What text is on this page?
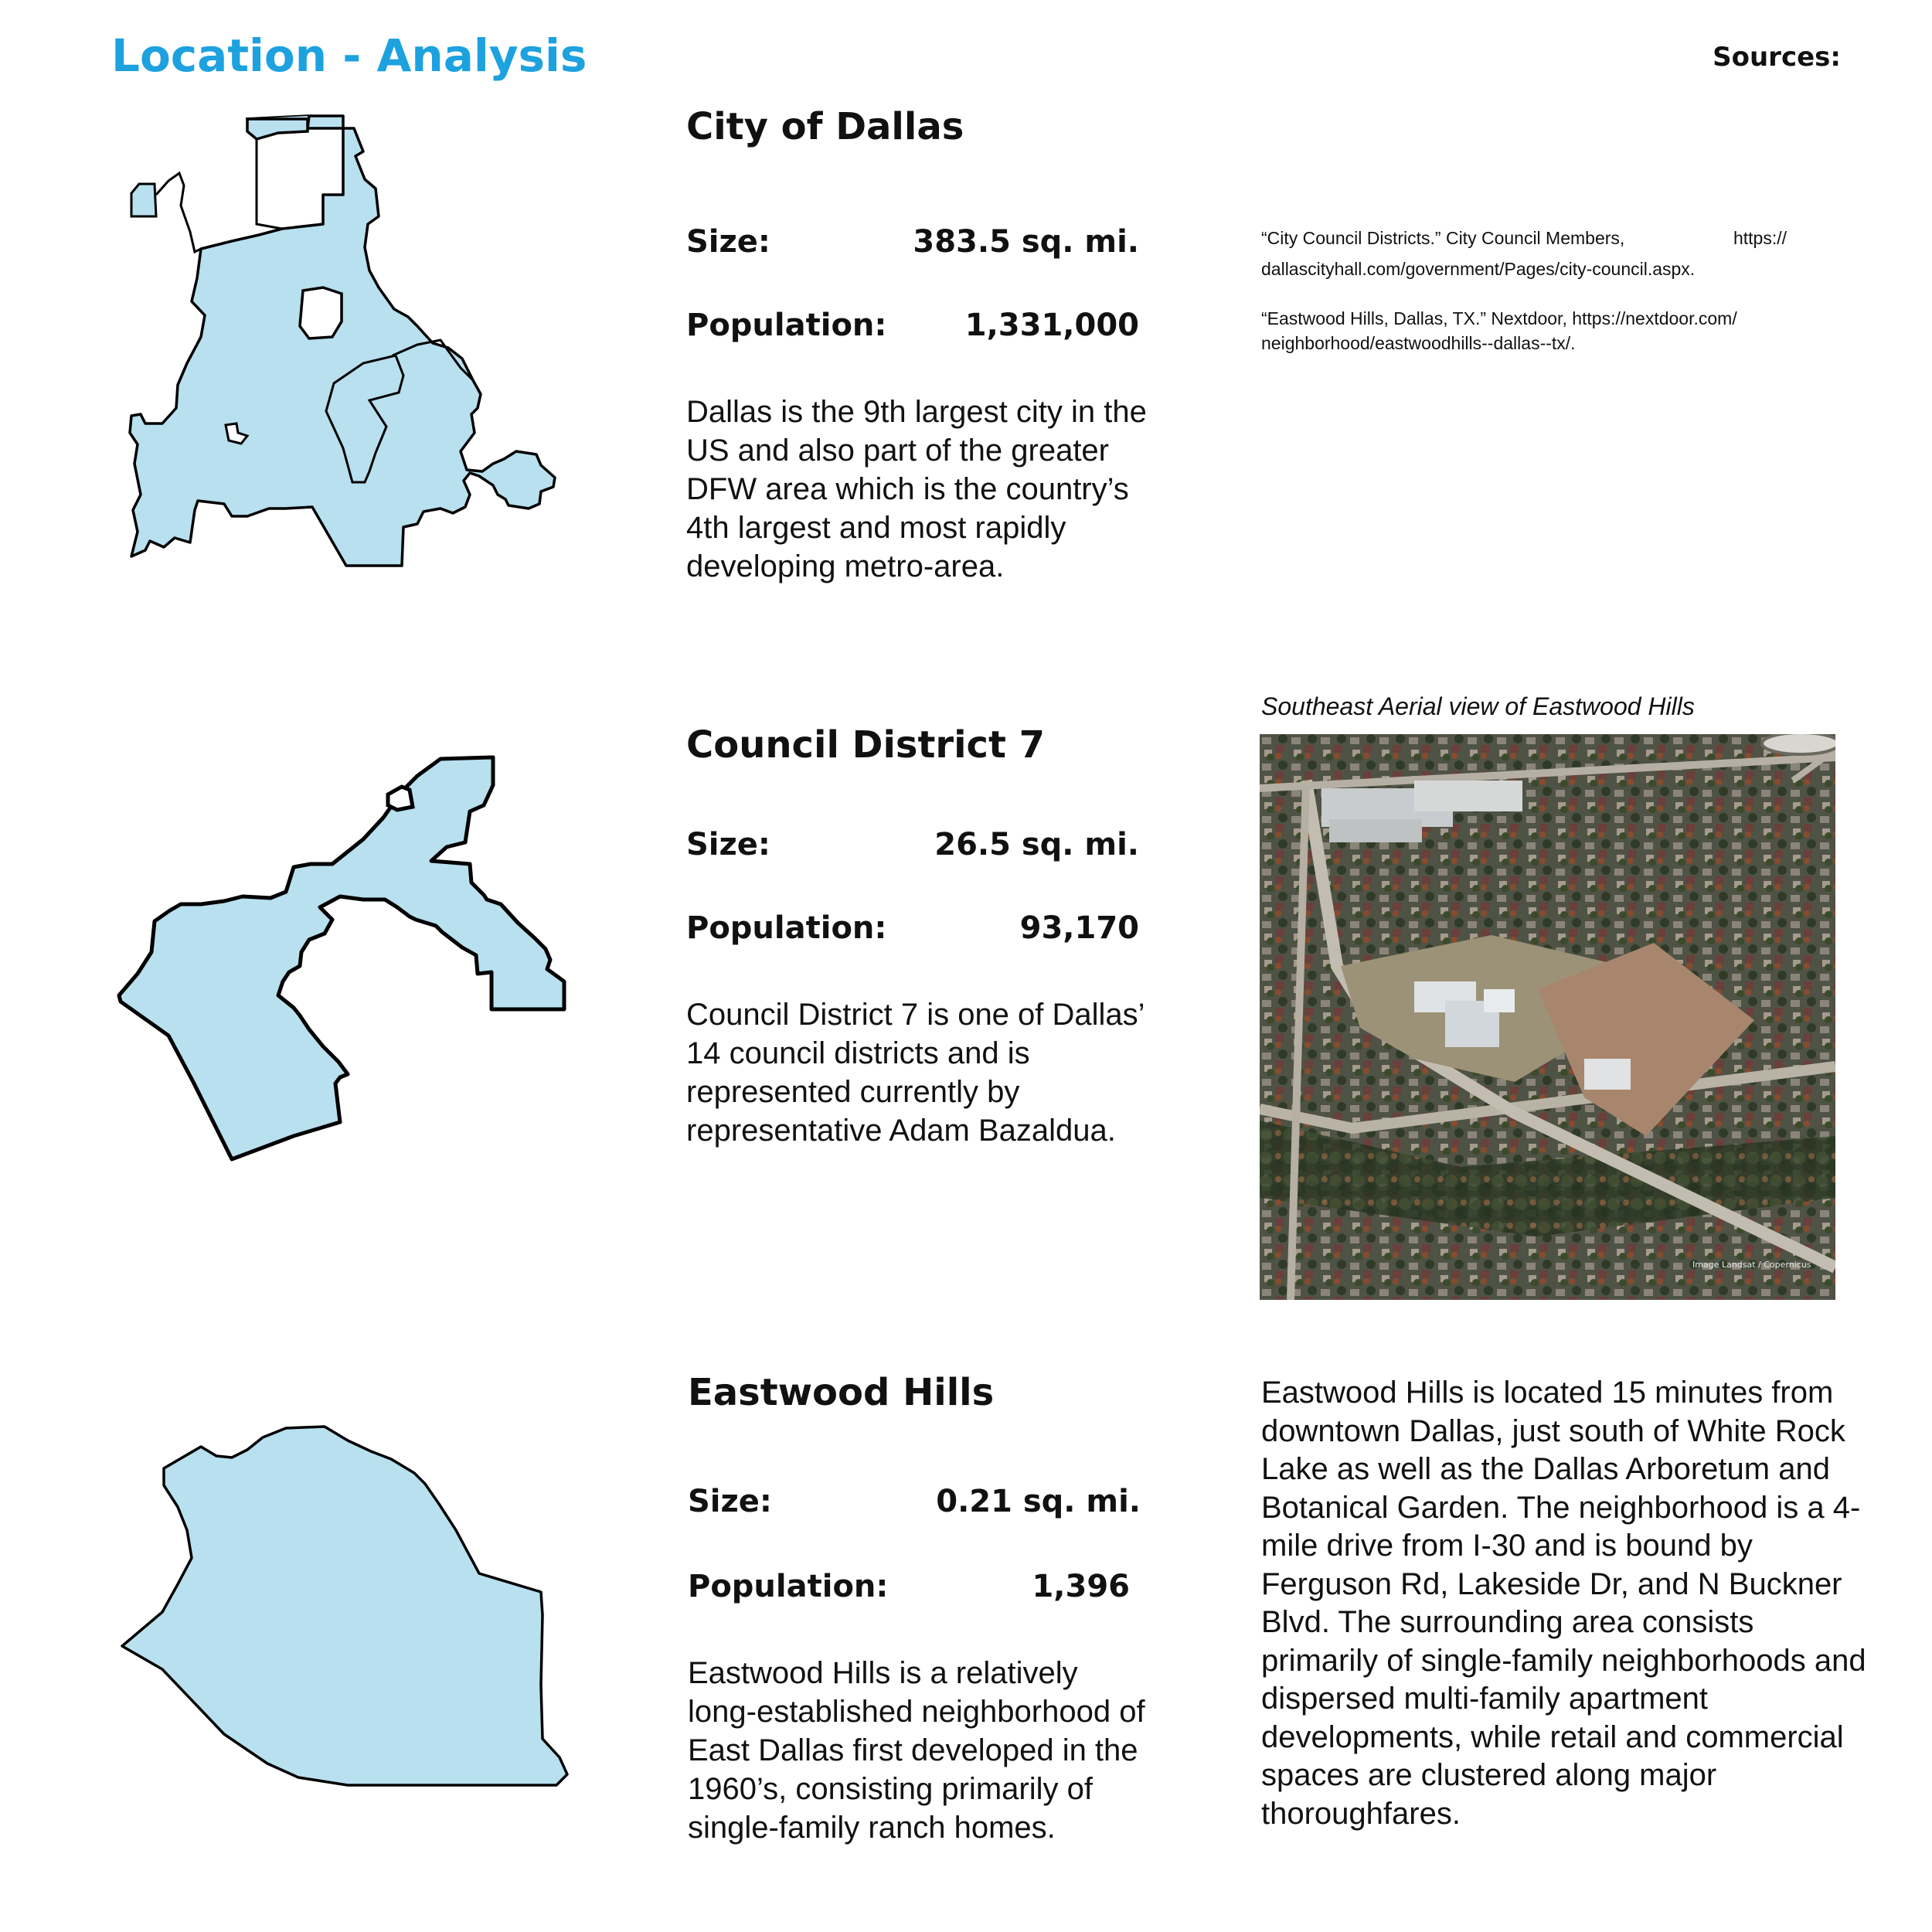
Location - Analysis	Sources:
City of Dallas
Size:	383.5 sq. mi.
Population:	1,331,000
Dallas is the 9th largest city in the US and also part of the greater DFW area which is the country’s 4th largest and most rapidly developing metro-area.
“City Council Districts.” City Council Members,	https://
dallascityhall.com/government/Pages/city-council.aspx.
“Eastwood Hills, Dallas, TX.” Nextdoor, https://nextdoor.com/
neighborhood/eastwoodhills--dallas--tx/.
Council District 7
Size:	26.5 sq. mi.
Population:	93,170
Council District 7 is one of Dallas’ 14 council districts and is represented currently by representative Adam Bazaldua.
Southeast Aerial view of Eastwood Hills
Image Landsat / Copernicus
Eastwood Hills
Size:	0.21 sq. mi.
Population:	1,396
Eastwood Hills is a relatively long-established neighborhood of East Dallas first developed in the 1960’s, consisting primarily of single-family ranch homes.
Eastwood Hills is located 15 minutes from downtown Dallas, just south of White Rock Lake as well as the Dallas Arboretum and Botanical Garden. The neighborhood is a 4-mile drive from I-30 and is bound by Ferguson Rd, Lakeside Dr, and N Buckner Blvd. The surrounding area consists primarily of single-family neighborhoods and dispersed multi-family apartment developments, while retail and commercial spaces are clustered along major thoroughfares.
